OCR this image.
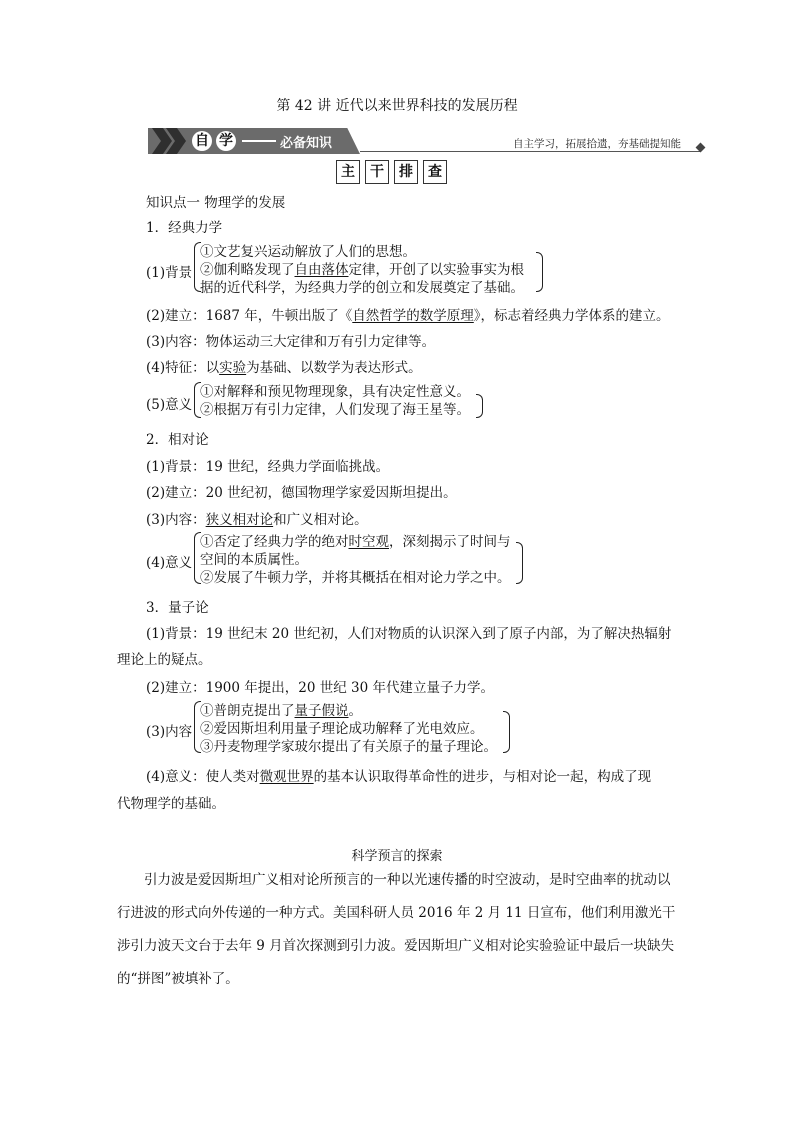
第 42 讲 近代以来世界科技的发展历程
自 学	必备知识	自主学习，拓展拾遗，夯基础提知能
主 干 排 查
知识点一 物理学的发展
1．经典力学
(1)背景
①文艺复兴运动解放了人们的思想。
②伽利略发现了自由落体定律，开创了以实验事实为根
据的近代科学，为经典力学的创立和发展奠定了基础。
(2)建立：1687 年，牛顿出版了《自然哲学的数学原理》，标志着经典力学体系的建立。
(3)内容：物体运动三大定律和万有引力定律等。
(4)特征：以实验为基础、以数学为表达形式。
(5)意义
①对解释和预见物理现象，具有决定性意义。
②根据万有引力定律，人们发现了海王星等。
2．相对论
(1)背景：19 世纪，经典力学面临挑战。
(2)建立：20 世纪初，德国物理学家爱因斯坦提出。
(3)内容：狭义相对论和广义相对论。
(4)意义
①否定了经典力学的绝对时空观，深刻揭示了时间与
空间的本质属性。
②发展了牛顿力学，并将其概括在相对论力学之中。
3．量子论
(1)背景：19 世纪末 20 世纪初，人们对物质的认识深入到了原子内部，为了解决热辐射
理论上的疑点。
(2)建立：1900 年提出，20 世纪 30 年代建立量子力学。
(3)内容
①普朗克提出了量子假说。
②爱因斯坦利用量子理论成功解释了光电效应。
③丹麦物理学家玻尔提出了有关原子的量子理论。
(4)意义：使人类对微观世界的基本认识取得革命性的进步，与相对论一起，构成了现
代物理学的基础。
科学预言的探索
引力波是爱因斯坦广义相对论所预言的一种以光速传播的时空波动，是时空曲率的扰动以行进波的形式向外传递的一种方式。美国科研人员 2016 年 2 月 11 日宣布，他们利用激光干涉引力波天文台于去年 9 月首次探测到引力波。爱因斯坦广义相对论实验验证中最后一块缺失的“拼图”被填补了。
